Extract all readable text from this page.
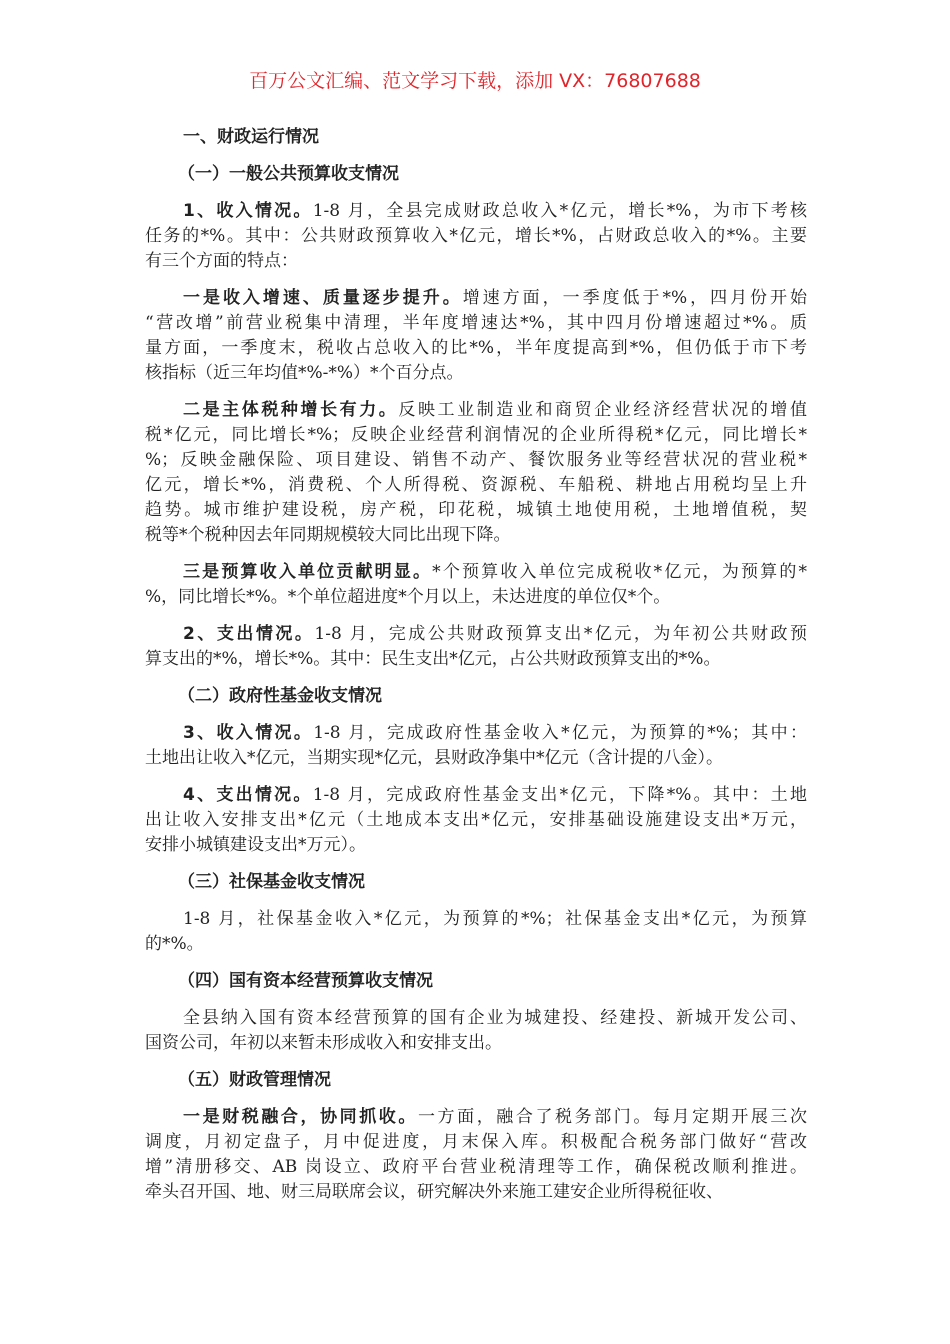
百万公文汇编、范文学习下载，添加 VX：76807688
一、财政运行情况
（一）一般公共预算收支情况
1、收入情况。1-8 月，全县完成财政总收入*亿元，增长*%，为市下考核
任务的*%。其中：公共财政预算收入*亿元，增长*%，占财政总收入的*%。主要
有三个方面的特点：
一是收入增速、质量逐步提升。增速方面，一季度低于*%，四月份开始
“营改增”前营业税集中清理，半年度增速达*%，其中四月份增速超过*%。质
量方面，一季度末，税收占总收入的比*%，半年度提高到*%，但仍低于市下考
核指标（近三年均值*%-*%）*个百分点。
二是主体税种增长有力。反映工业制造业和商贸企业经济经营状况的增值
税*亿元，同比增长*%；反映企业经营利润情况的企业所得税*亿元，同比增长*
%；反映金融保险、项目建设、销售不动产、餐饮服务业等经营状况的营业税*
亿元，增长*%，消费税、个人所得税、资源税、车船税、耕地占用税均呈上升
趋势。城市维护建设税，房产税，印花税，城镇土地使用税，土地增值税，契
税等*个税种因去年同期规模较大同比出现下降。
三是预算收入单位贡献明显。*个预算收入单位完成税收*亿元，为预算的*
%，同比增长*%。*个单位超进度*个月以上，未达进度的单位仅*个。
2、支出情况。1-8 月，完成公共财政预算支出*亿元，为年初公共财政预
算支出的*%，增长*%。其中：民生支出*亿元，占公共财政预算支出的*%。
（二）政府性基金收支情况
3、收入情况。1-8 月，完成政府性基金收入*亿元，为预算的*%；其中：
土地出让收入*亿元，当期实现*亿元，县财政净集中*亿元（含计提的八金）。
4、支出情况。1-8 月，完成政府性基金支出*亿元，下降*%。其中：土地
出让收入安排支出*亿元（土地成本支出*亿元，安排基础设施建设支出*万元，
安排小城镇建设支出*万元）。
（三）社保基金收支情况
1-8 月，社保基金收入*亿元，为预算的*%；社保基金支出*亿元，为预算
的*%。
（四）国有资本经营预算收支情况
全县纳入国有资本经营预算的国有企业为城建投、经建投、新城开发公司、
国资公司，年初以来暂未形成收入和安排支出。
（五）财政管理情况
一是财税融合，协同抓收。一方面，融合了税务部门。每月定期开展三次
调度，月初定盘子，月中促进度，月末保入库。积极配合税务部门做好“营改
增”清册移交、AB 岗设立、政府平台营业税清理等工作，确保税改顺利推进。
牵头召开国、地、财三局联席会议，研究解决外来施工建安企业所得税征收、
